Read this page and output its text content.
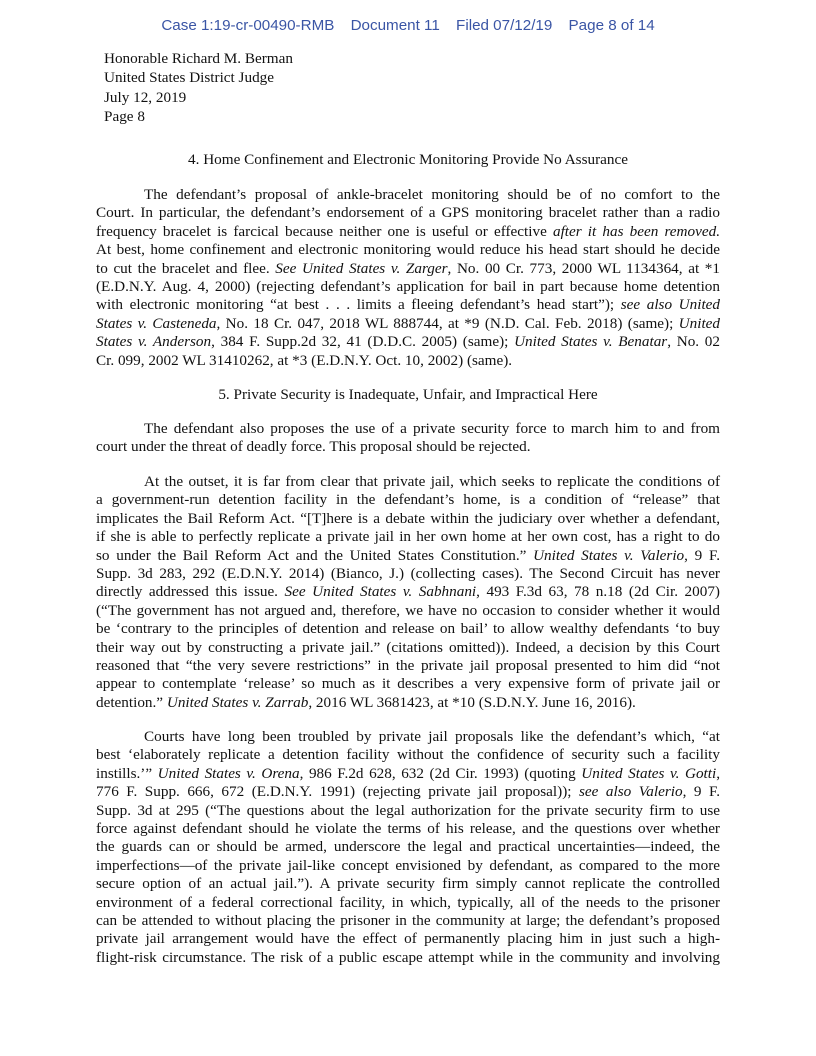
Case 1:19-cr-00490-RMB Document 11 Filed 07/12/19 Page 8 of 14
Honorable Richard M. Berman
United States District Judge
July 12, 2019
Page 8
4. Home Confinement and Electronic Monitoring Provide No Assurance
The defendant’s proposal of ankle-bracelet monitoring should be of no comfort to the
Court. In particular, the defendant’s endorsement of a GPS monitoring bracelet rather than a radio
frequency bracelet is farcical because neither one is useful or effective after it has been removed.
At best, home confinement and electronic monitoring would reduce his head start should he decide
to cut the bracelet and flee. See United States v. Zarger, No. 00 Cr. 773, 2000 WL 1134364, at *1
(E.D.N.Y. Aug. 4, 2000) (rejecting defendant’s application for bail in part because home detention
with electronic monitoring “at best . . . limits a fleeing defendant’s head start”); see also United
States v. Casteneda, No. 18 Cr. 047, 2018 WL 888744, at *9 (N.D. Cal. Feb. 2018) (same); United
States v. Anderson, 384 F. Supp.2d 32, 41 (D.D.C. 2005) (same); United States v. Benatar, No. 02
Cr. 099, 2002 WL 31410262, at *3 (E.D.N.Y. Oct. 10, 2002) (same).
5. Private Security is Inadequate, Unfair, and Impractical Here
The defendant also proposes the use of a private security force to march him to and from
court under the threat of deadly force. This proposal should be rejected.
At the outset, it is far from clear that private jail, which seeks to replicate the conditions of
a government-run detention facility in the defendant’s home, is a condition of “release” that
implicates the Bail Reform Act. “[T]here is a debate within the judiciary over whether a defendant,
if she is able to perfectly replicate a private jail in her own home at her own cost, has a right to do
so under the Bail Reform Act and the United States Constitution.” United States v. Valerio, 9 F.
Supp. 3d 283, 292 (E.D.N.Y. 2014) (Bianco, J.) (collecting cases). The Second Circuit has never
directly addressed this issue. See United States v. Sabhnani, 493 F.3d 63, 78 n.18 (2d Cir. 2007)
(“The government has not argued and, therefore, we have no occasion to consider whether it would
be ‘contrary to the principles of detention and release on bail’ to allow wealthy defendants ‘to buy
their way out by constructing a private jail.” (citations omitted)). Indeed, a decision by this Court
reasoned that “the very severe restrictions” in the private jail proposal presented to him did “not
appear to contemplate ‘release’ so much as it describes a very expensive form of private jail or
detention.” United States v. Zarrab, 2016 WL 3681423, at *10 (S.D.N.Y. June 16, 2016).
Courts have long been troubled by private jail proposals like the defendant’s which, “at
best ‘elaborately replicate a detention facility without the confidence of security such a facility
instills.’” United States v. Orena, 986 F.2d 628, 632 (2d Cir. 1993) (quoting United States v. Gotti,
776 F. Supp. 666, 672 (E.D.N.Y. 1991) (rejecting private jail proposal)); see also Valerio, 9 F.
Supp. 3d at 295 (“The questions about the legal authorization for the private security firm to use
force against defendant should he violate the terms of his release, and the questions over whether
the guards can or should be armed, underscore the legal and practical uncertainties—indeed, the
imperfections—of the private jail-like concept envisioned by defendant, as compared to the more
secure option of an actual jail.”). A private security firm simply cannot replicate the controlled
environment of a federal correctional facility, in which, typically, all of the needs to the prisoner
can be attended to without placing the prisoner in the community at large; the defendant’s proposed
private jail arrangement would have the effect of permanently placing him in just such a high-
flight-risk circumstance. The risk of a public escape attempt while in the community and involving
